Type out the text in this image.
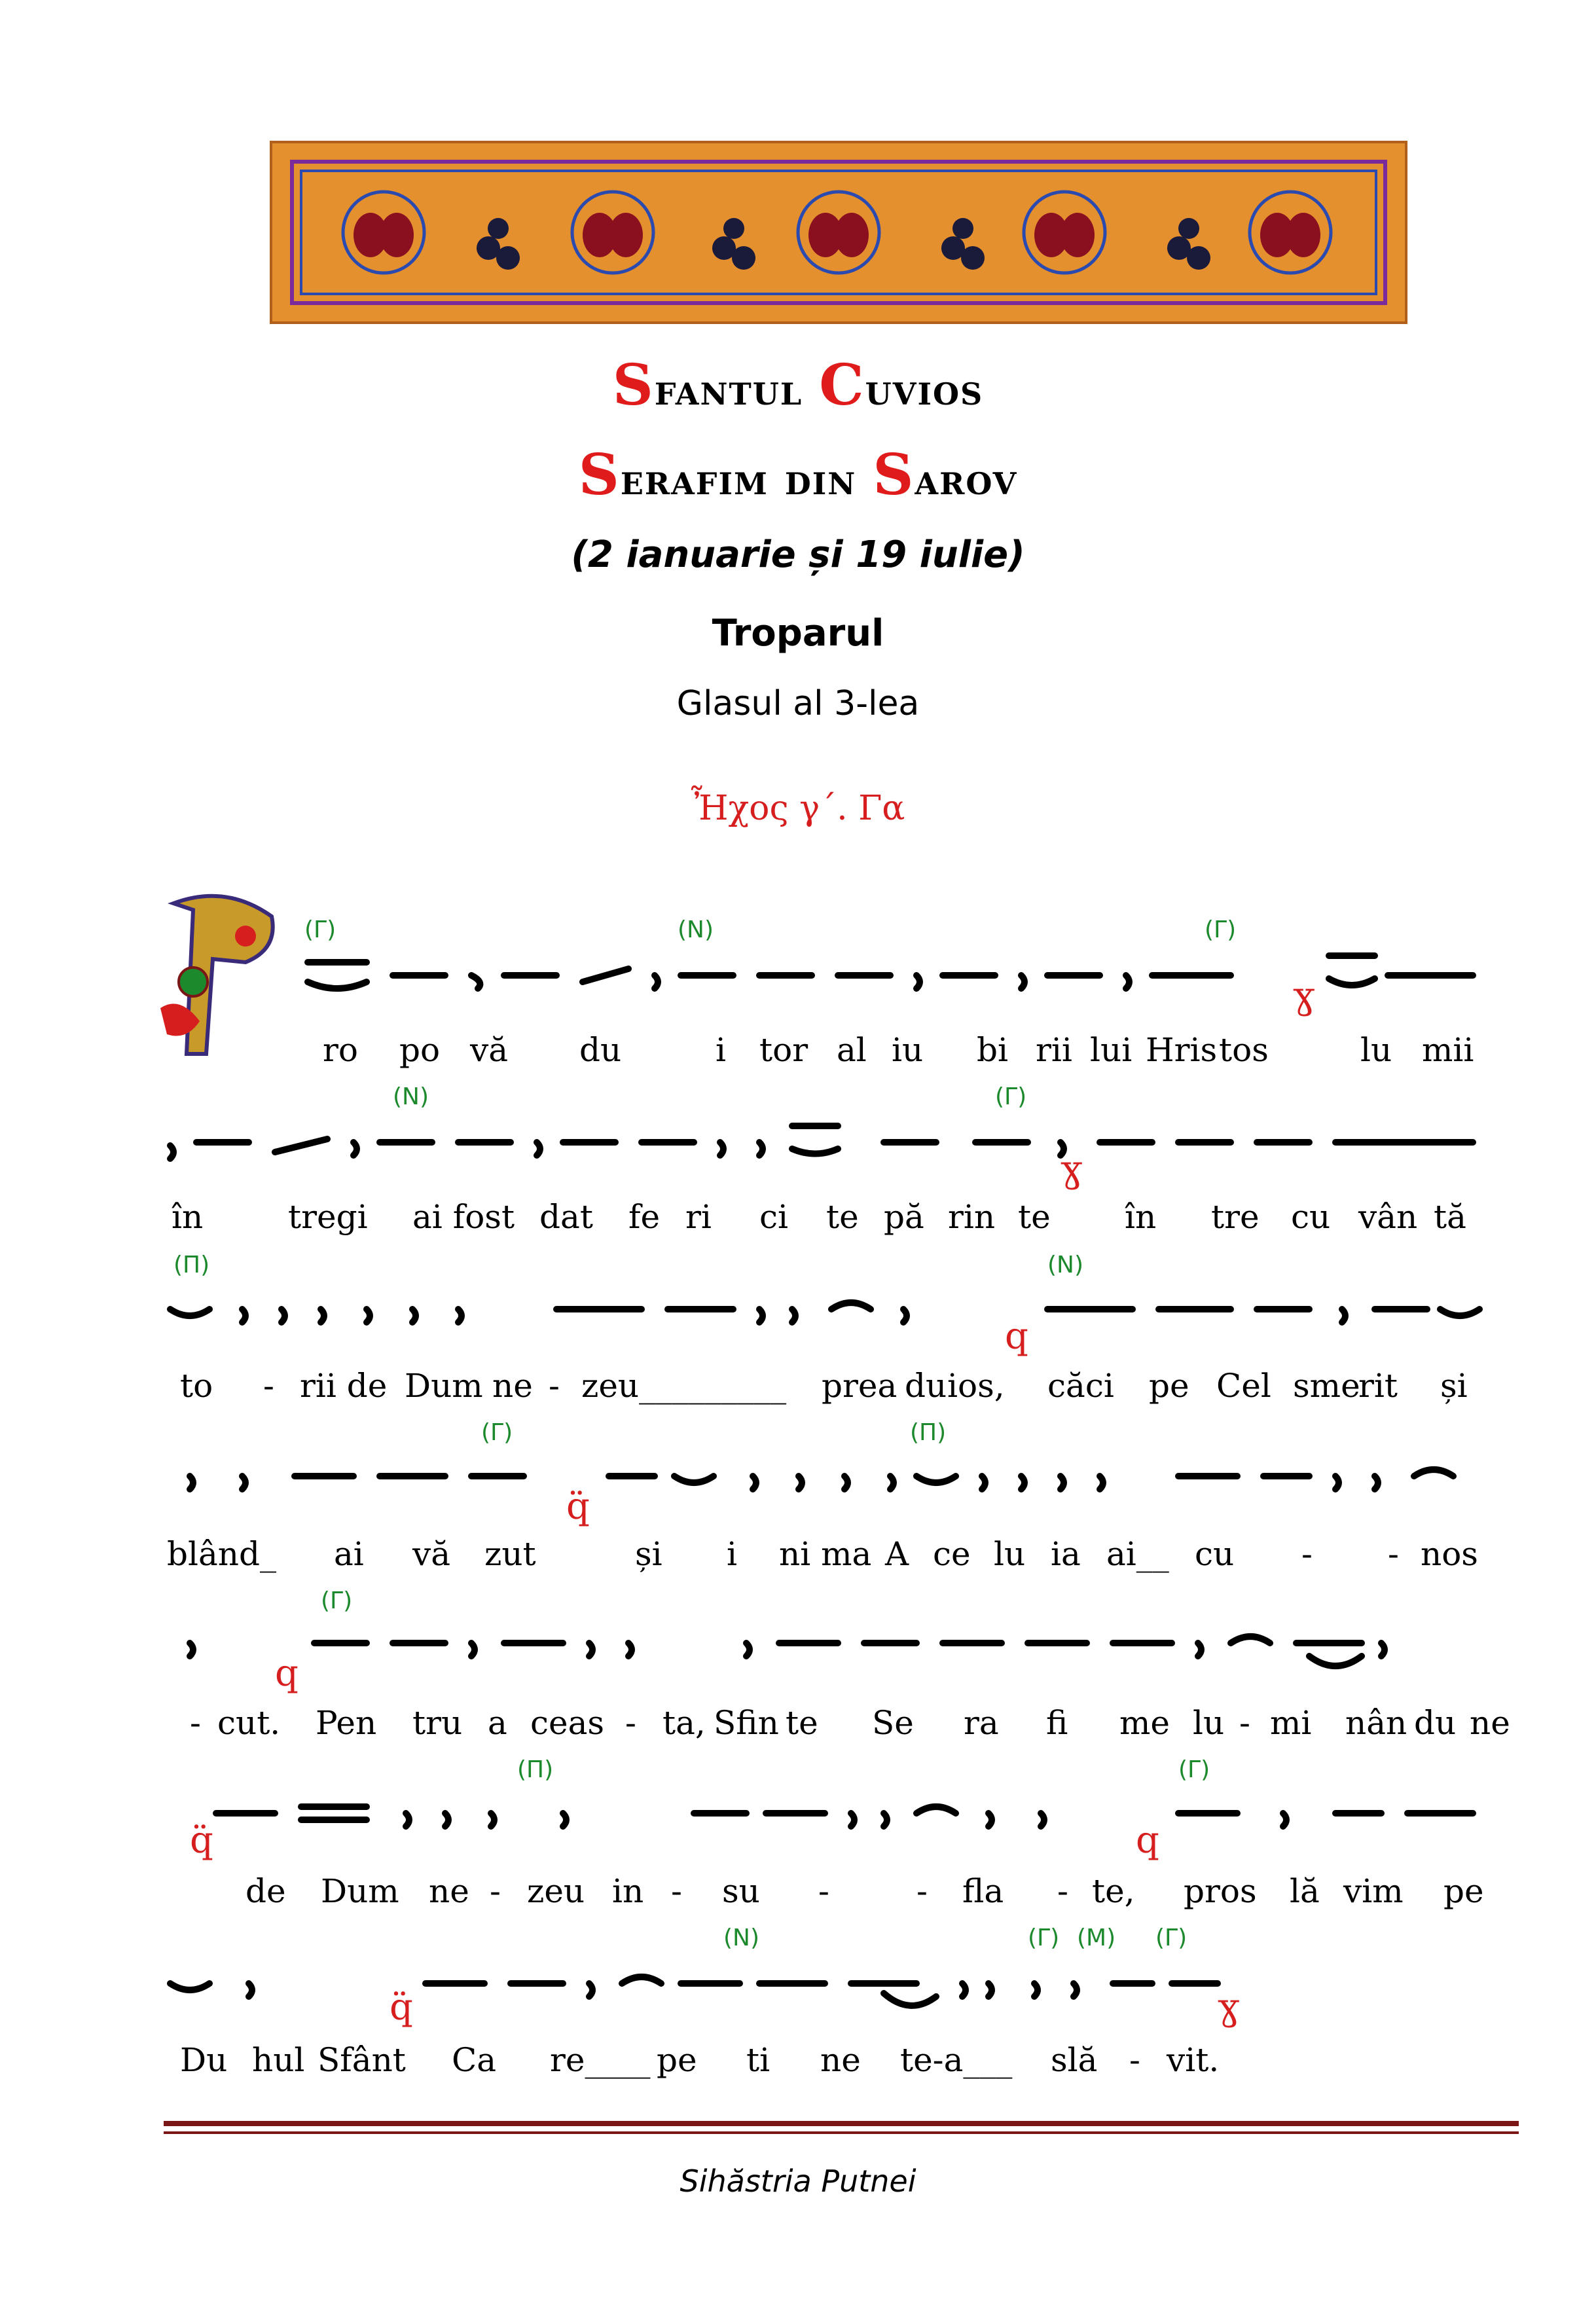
Sfantul Cuvios
Serafim din Sarov
(2 ianuarie și 19 iulie)
Troparul
Glasul al 3-lea
Ἦχος γ΄. Γα
ɣ
ɣ
q
q̈
q
q̈	q
q̈	ɣ
(Γ)	(Ν)	(Γ)
(Ν)	(Γ)
(Π)	(Ν)
(Γ)	(Π)
(Γ)
(Π)	(Γ)
(Ν)	(Γ) (Μ) (Γ)
ro po vă du	i tor al iu bi rii lui Hris tos	lu mii
în	tregi ai fost dat fe ri ci te pă rin te în tre cu vân tă
to - rii de Dum ne - zeu_________ prea du ios, căci pe Cel sme
rit și
blând_ ai vă zut	și i ni ma A ce lu ia ai__ cu - - nos
- cut. Pen tru a ceas - ta, Sfin te Se ra fi me lu - mi nân du ne
de Dum ne - zeu in - su -	- fla - te, pros lă vim pe
Du hul Sfânt Ca re____ pe ti ne te-a___ slă - vit.
Sihăstria Putnei
